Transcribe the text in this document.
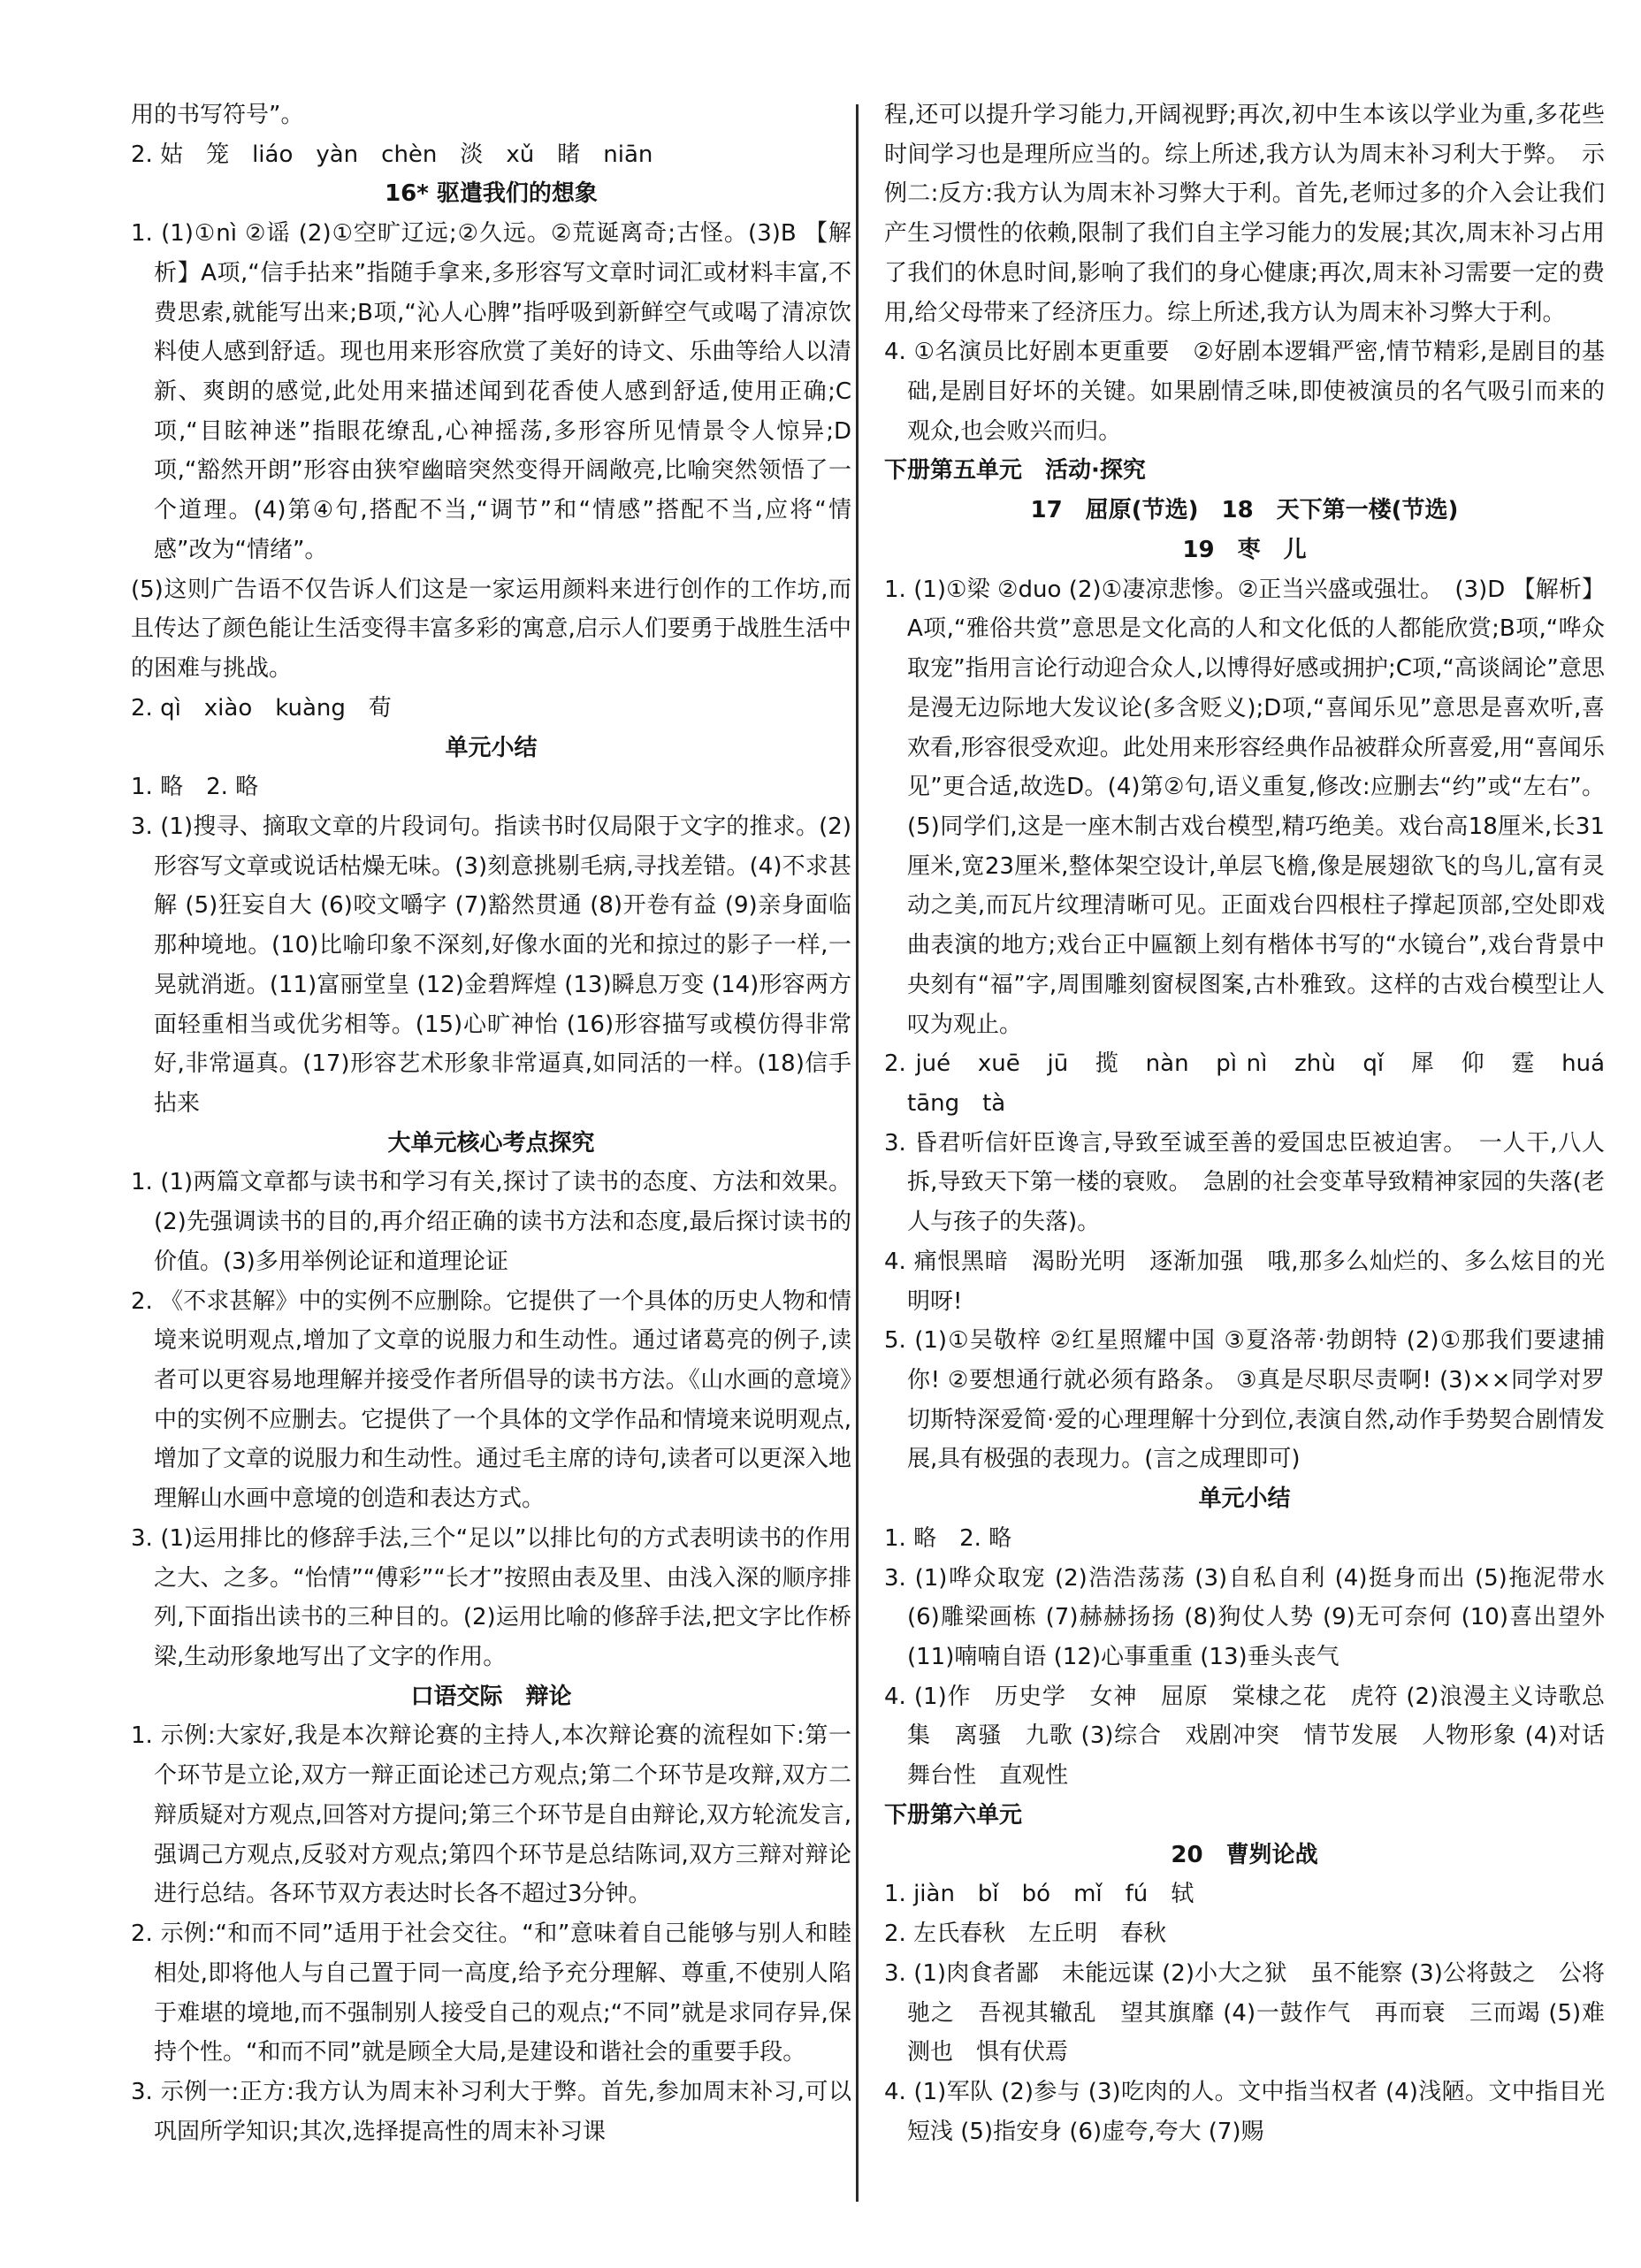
用的书写符号”。

2. 姑　笼　liáo　yàn　chèn　淡　xǔ　睹　niān

16* 驱遣我们的想象

1. (1)①nì ②谣 (2)①空旷辽远;②久远。②荒诞离奇;古怪。(3)B 【解析】A项,“信手拈来”指随手拿来,多形容写文章时词汇或材料丰富,不费思索,就能写出来;B项,“沁人心脾”指呼吸到新鲜空气或喝了清凉饮料使人感到舒适。现也用来形容欣赏了美好的诗文、乐曲等给人以清新、爽朗的感觉,此处用来描述闻到花香使人感到舒适,使用正确;C项,“目眩神迷”指眼花缭乱,心神摇荡,多形容所见情景令人惊异;D项,“豁然开朗”形容由狭窄幽暗突然变得开阔敞亮,比喻突然领悟了一个道理。(4)第④句,搭配不当,“调节”和“情感”搭配不当,应将“情感”改为“情绪”。

(5)这则广告语不仅告诉人们这是一家运用颜料来进行创作的工作坊,而且传达了颜色能让生活变得丰富多彩的寓意,启示人们要勇于战胜生活中的困难与挑战。

2. qì　xiào　kuàng　荀

单元小结

1. 略　2. 略

3. (1)搜寻、摘取文章的片段词句。指读书时仅局限于文字的推求。(2)形容写文章或说话枯燥无味。(3)刻意挑剔毛病,寻找差错。(4)不求甚解 (5)狂妄自大 (6)咬文嚼字 (7)豁然贯通 (8)开卷有益 (9)亲身面临那种境地。(10)比喻印象不深刻,好像水面的光和掠过的影子一样,一晃就消逝。(11)富丽堂皇 (12)金碧辉煌 (13)瞬息万变 (14)形容两方面轻重相当或优劣相等。(15)心旷神怡 (16)形容描写或模仿得非常好,非常逼真。(17)形容艺术形象非常逼真,如同活的一样。(18)信手拈来

大单元核心考点探究

1. (1)两篇文章都与读书和学习有关,探讨了读书的态度、方法和效果。(2)先强调读书的目的,再介绍正确的读书方法和态度,最后探讨读书的价值。(3)多用举例论证和道理论证

2. 《不求甚解》中的实例不应删除。它提供了一个具体的历史人物和情境来说明观点,增加了文章的说服力和生动性。通过诸葛亮的例子,读者可以更容易地理解并接受作者所倡导的读书方法。《山水画的意境》中的实例不应删去。它提供了一个具体的文学作品和情境来说明观点,增加了文章的说服力和生动性。通过毛主席的诗句,读者可以更深入地理解山水画中意境的创造和表达方式。

3. (1)运用排比的修辞手法,三个“足以”以排比句的方式表明读书的作用之大、之多。“怡情”“傅彩”“长才”按照由表及里、由浅入深的顺序排列,下面指出读书的三种目的。(2)运用比喻的修辞手法,把文字比作桥梁,生动形象地写出了文字的作用。

口语交际　辩论

1. 示例:大家好,我是本次辩论赛的主持人,本次辩论赛的流程如下:第一个环节是立论,双方一辩正面论述己方观点;第二个环节是攻辩,双方二辩质疑对方观点,回答对方提问;第三个环节是自由辩论,双方轮流发言,强调己方观点,反驳对方观点;第四个环节是总结陈词,双方三辩对辩论进行总结。各环节双方表达时长各不超过3分钟。

2. 示例:“和而不同”适用于社会交往。“和”意味着自己能够与别人和睦相处,即将他人与自己置于同一高度,给予充分理解、尊重,不使别人陷于难堪的境地,而不强制别人接受自己的观点;“不同”就是求同存异,保持个性。“和而不同”就是顾全大局,是建设和谐社会的重要手段。

3. 示例一:正方:我方认为周末补习利大于弊。首先,参加周末补习,可以巩固所学知识;其次,选择提高性的周末补习课

程,还可以提升学习能力,开阔视野;再次,初中生本该以学业为重,多花些时间学习也是理所应当的。综上所述,我方认为周末补习利大于弊。　示例二:反方:我方认为周末补习弊大于利。首先,老师过多的介入会让我们产生习惯性的依赖,限制了我们自主学习能力的发展;其次,周末补习占用了我们的休息时间,影响了我们的身心健康;再次,周末补习需要一定的费用,给父母带来了经济压力。综上所述,我方认为周末补习弊大于利。

4. ①名演员比好剧本更重要　②好剧本逻辑严密,情节精彩,是剧目的基础,是剧目好坏的关键。如果剧情乏味,即使被演员的名气吸引而来的观众,也会败兴而归。

下册第五单元　活动·探究

17　屈原(节选)　18　天下第一楼(节选)

19　枣　儿

1. (1)①梁 ②duo (2)①凄凉悲惨。②正当兴盛或强壮。　(3)D 【解析】A项,“雅俗共赏”意思是文化高的人和文化低的人都能欣赏;B项,“哗众取宠”指用言论行动迎合众人,以博得好感或拥护;C项,“高谈阔论”意思是漫无边际地大发议论(多含贬义);D项,“喜闻乐见”意思是喜欢听,喜欢看,形容很受欢迎。此处用来形容经典作品被群众所喜爱,用“喜闻乐见”更合适,故选D。(4)第②句,语义重复,修改:应删去“约”或“左右”。(5)同学们,这是一座木制古戏台模型,精巧绝美。戏台高18厘米,长31厘米,宽23厘米,整体架空设计,单层飞檐,像是展翅欲飞的鸟儿,富有灵动之美,而瓦片纹理清晰可见。正面戏台四根柱子撑起顶部,空处即戏曲表演的地方;戏台正中匾额上刻有楷体书写的“水镜台”,戏台背景中央刻有“福”字,周围雕刻窗棂图案,古朴雅致。这样的古戏台模型让人叹为观止。

2. jué　xuē　jū　揽　nàn　pì nì　zhù　qǐ　犀　仰　霆　huá　tāng　tà

3. 昏君听信奸臣谗言,导致至诚至善的爱国忠臣被迫害。　一人干,八人拆,导致天下第一楼的衰败。　急剧的社会变革导致精神家园的失落(老人与孩子的失落)。

4. 痛恨黑暗　渴盼光明　逐渐加强　哦,那多么灿烂的、多么炫目的光明呀!

5. (1)①吴敬梓 ②红星照耀中国 ③夏洛蒂·勃朗特 (2)①那我们要逮捕你! ②要想通行就必须有路条。 ③真是尽职尽责啊! (3)××同学对罗切斯特深爱简·爱的心理理解十分到位,表演自然,动作手势契合剧情发展,具有极强的表现力。(言之成理即可)

单元小结

1. 略　2. 略

3. (1)哗众取宠 (2)浩浩荡荡 (3)自私自利 (4)挺身而出 (5)拖泥带水 (6)雕梁画栋 (7)赫赫扬扬 (8)狗仗人势 (9)无可奈何 (10)喜出望外 (11)喃喃自语 (12)心事重重 (13)垂头丧气

4. (1)作　历史学　女神　屈原　棠棣之花　虎符 (2)浪漫主义诗歌总集　离骚　九歌 (3)综合　戏剧冲突　情节发展　人物形象 (4)对话　舞台性　直观性

下册第六单元

20　曹刿论战

1. jiàn　bǐ　bó　mǐ　fú　轼

2. 左氏春秋　左丘明　春秋

3. (1)肉食者鄙　未能远谋 (2)小大之狱　虽不能察 (3)公将鼓之　公将驰之　吾视其辙乱　望其旗靡 (4)一鼓作气　再而衰　三而竭 (5)难测也　惧有伏焉

4. (1)军队 (2)参与 (3)吃肉的人。文中指当权者 (4)浅陋。文中指目光短浅 (5)指安身 (6)虚夸,夸大 (7)赐
